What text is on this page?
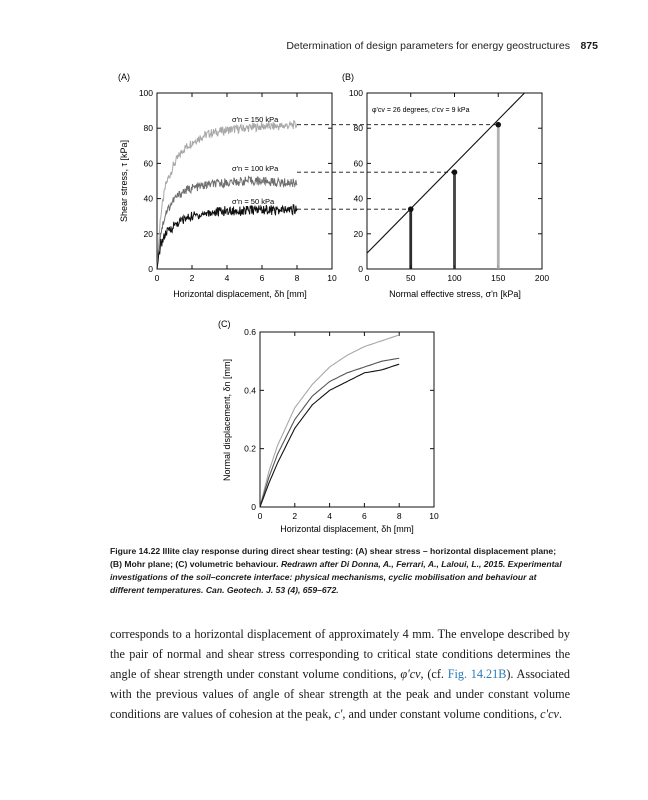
Determination of design parameters for energy geostructures 875
(A)	(B)
(C)
0	2	4	6	8	10
0
20
40
60
80
100
Shear stress, τ [kPa]
Horizontal displacement, δh [mm]
σ'n = 150 kPa
σ'n = 100 kPa
σ'n = 50 kPa
0	50	100	150	200
0
20
40
60
80
100
φ'cv = 26 degrees, c'cv = 9 kPa
Normal effective stress, σ'n [kPa]
0	2	4	6	8	10
0
0.2
0.4
0.6
Normal displacement, δn [mm]
Horizontal displacement, δh [mm]
Figure 14.22 Illite clay response during direct shear testing: (A) shear stress – horizontal displacement plane; (B) Mohr plane; (C) volumetric behaviour. Redrawn after Di Donna, A., Ferrari, A., Laloui, L., 2015. Experimental investigations of the soil–concrete interface: physical mechanisms, cyclic mobilisation and behaviour at different temperatures. Can. Geotech. J. 53 (4), 659–672.
corresponds to a horizontal displacement of approximately 4 mm. The envelope described by the pair of normal and shear stress corresponding to critical state conditions determines the angle of shear strength under constant volume conditions, φ'cv, (cf. Fig. 14.21B). Associated with the previous values of angle of shear strength at the peak and under constant volume conditions are values of cohesion at the peak, c', and under constant volume conditions, c'cv.
